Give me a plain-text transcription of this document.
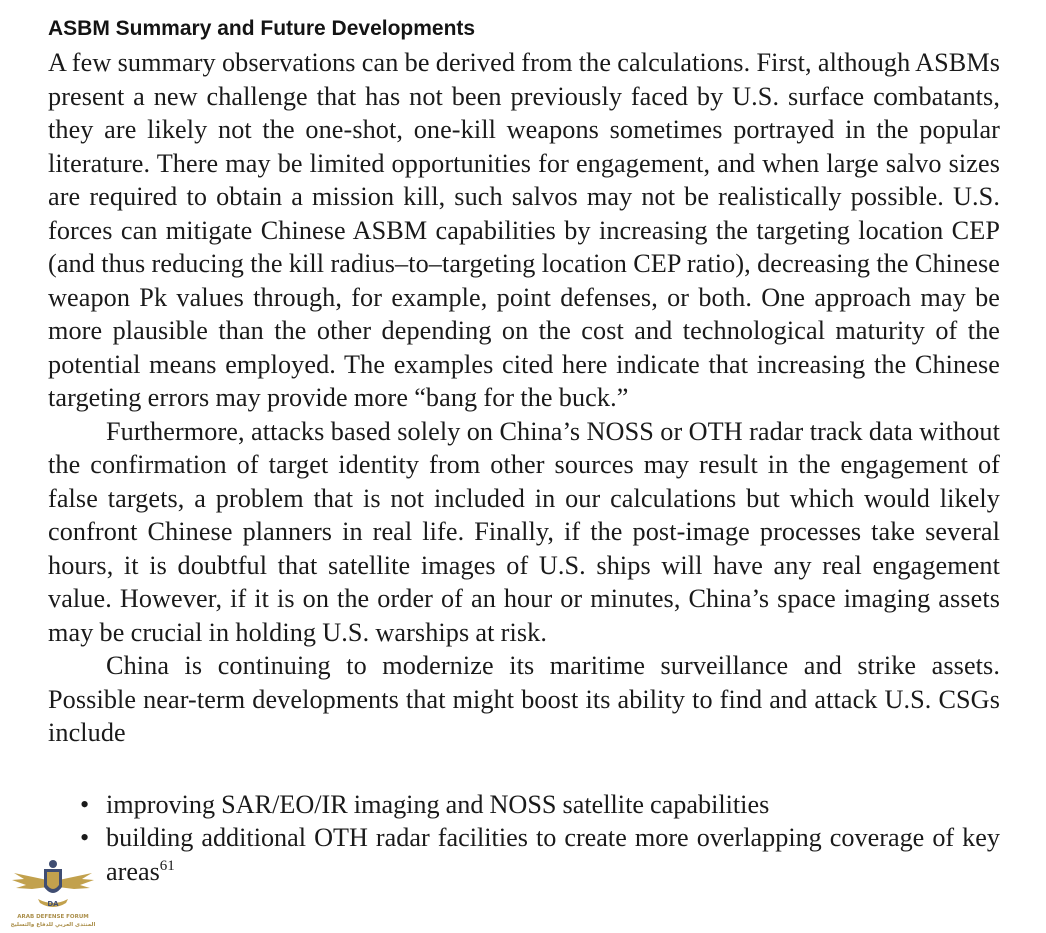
ASBM Summary and Future Developments

A few summary observations can be derived from the calculations. First, although ASBMs present a new challenge that has not been previously faced by U.S. surface combatants, they are likely not the one-shot, one-kill weapons sometimes portrayed in the popular literature. There may be limited opportunities for engagement, and when large salvo sizes are required to obtain a mission kill, such salvos may not be realistically possible. U.S. forces can mitigate Chinese ASBM capabilities by increasing the targeting location CEP (and thus reducing the kill radius–to–targeting location CEP ratio), decreasing the Chinese weapon Pk values through, for example, point defenses, or both. One approach may be more plausible than the other depending on the cost and technological maturity of the potential means employed. The examples cited here indicate that increasing the Chinese targeting errors may provide more “bang for the buck.”

Furthermore, attacks based solely on China’s NOSS or OTH radar track data without the confirmation of target identity from other sources may result in the engagement of false targets, a problem that is not included in our calculations but which would likely confront Chinese planners in real life. Finally, if the post-image processes take several hours, it is doubtful that satellite images of U.S. ships will have any real engagement value. However, if it is on the order of an hour or minutes, China’s space imaging assets may be crucial in holding U.S. warships at risk.

China is continuing to modernize its maritime surveillance and strike assets. Possible near-term developments that might boost its ability to find and attack U.S. CSGs include

• improving SAR/EO/IR imaging and NOSS satellite capabilities
• building additional OTH radar facilities to create more overlapping coverage of key areas$^{61}$
DA
ARAB DEFENSE FORUM
المنتدى العربي للدفاع والتسليح
